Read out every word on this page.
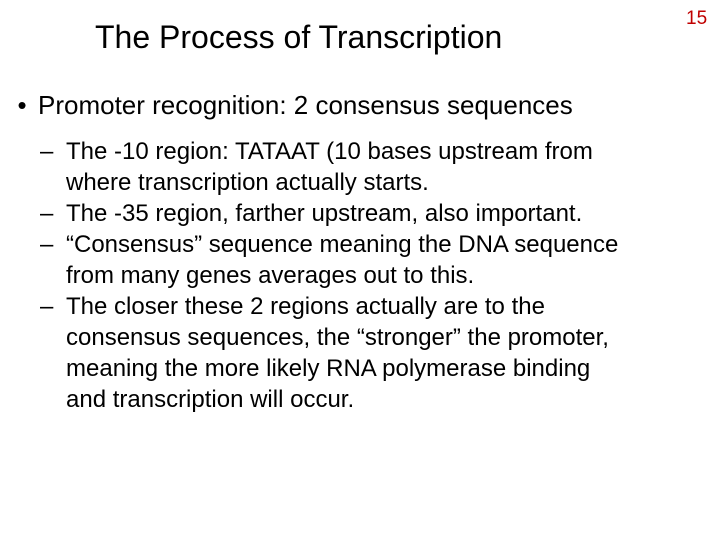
The Process of Transcription
15
• Promoter recognition: 2 consensus sequences
– The -10 region: TATAAT (10 bases upstream from
where transcription actually starts.
– The -35 region, farther upstream, also important.
– “Consensus” sequence meaning the DNA sequence
from many genes averages out to this.
– The closer these 2 regions actually are to the
consensus sequences, the “stronger” the promoter,
meaning the more likely RNA polymerase binding
and transcription will occur.
